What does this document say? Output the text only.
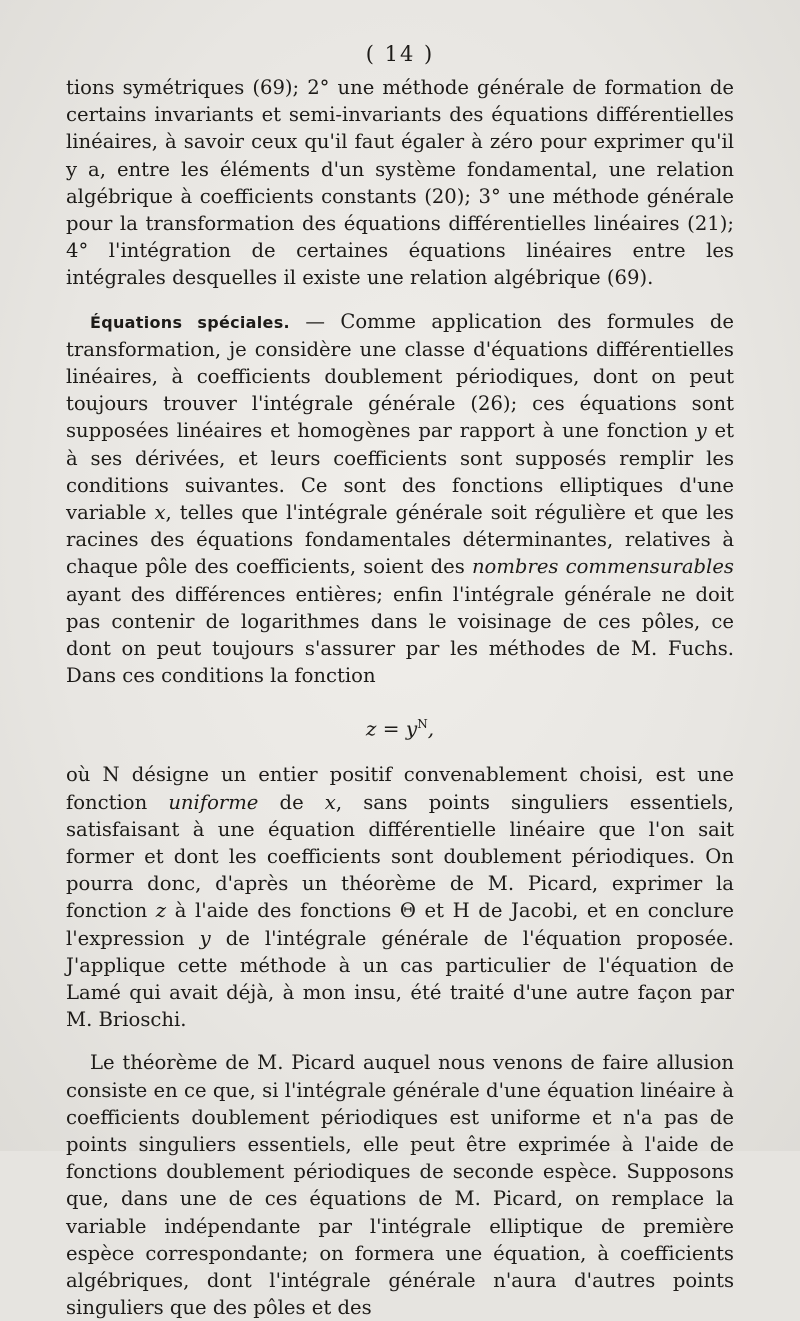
( 14 )

tions symétriques (69); 2° une méthode générale de formation de certains invariants et semi-invariants des équations différentielles linéaires, à savoir ceux qu'il faut égaler à zéro pour exprimer qu'il y a, entre les éléments d'un système fondamental, une relation algébrique à coefficients constants (20); 3° une méthode générale pour la transformation des équations différentielles linéaires (21); 4° l'intégration de certaines équations linéaires entre les intégrales desquelles il existe une relation algébrique (69).

Équations spéciales. — Comme application des formules de transformation, je considère une classe d'équations différentielles linéaires, à coefficients doublement périodiques, dont on peut toujours trouver l'intégrale générale (26); ces équations sont supposées linéaires et homogènes par rapport à une fonction y et à ses dérivées, et leurs coefficients sont supposés remplir les conditions suivantes. Ce sont des fonctions elliptiques d'une variable x, telles que l'intégrale générale soit régulière et que les racines des équations fondamentales déterminantes, relatives à chaque pôle des coefficients, soient des nombres commensurables ayant des différences entières; enfin l'intégrale générale ne doit pas contenir de logarithmes dans le voisinage de ces pôles, ce dont on peut toujours s'assurer par les méthodes de M. Fuchs. Dans ces conditions la fonction

$z = y^N$,

où N désigne un entier positif convenablement choisi, est une fonction uniforme de x, sans points singuliers essentiels, satisfaisant à une équation différentielle linéaire que l'on sait former et dont les coefficients sont doublement périodiques. On pourra donc, d'après un théorème de M. Picard, exprimer la fonction z à l'aide des fonctions Θ et H de Jacobi, et en conclure l'expression y de l'intégrale générale de l'équation proposée. J'applique cette méthode à un cas particulier de l'équation de Lamé qui avait déjà, à mon insu, été traité d'une autre façon par M. Brioschi.

Le théorème de M. Picard auquel nous venons de faire allusion consiste en ce que, si l'intégrale générale d'une équation linéaire à coefficients doublement périodiques est uniforme et n'a pas de points singuliers essentiels, elle peut être exprimée à l'aide de fonctions doublement périodiques de seconde espèce. Supposons que, dans une de ces équations de M. Picard, on remplace la variable indépendante par l'intégrale elliptique de première espèce correspondante; on formera une équation, à coefficients algébriques, dont l'intégrale générale n'aura d'autres points singuliers que des pôles et des
